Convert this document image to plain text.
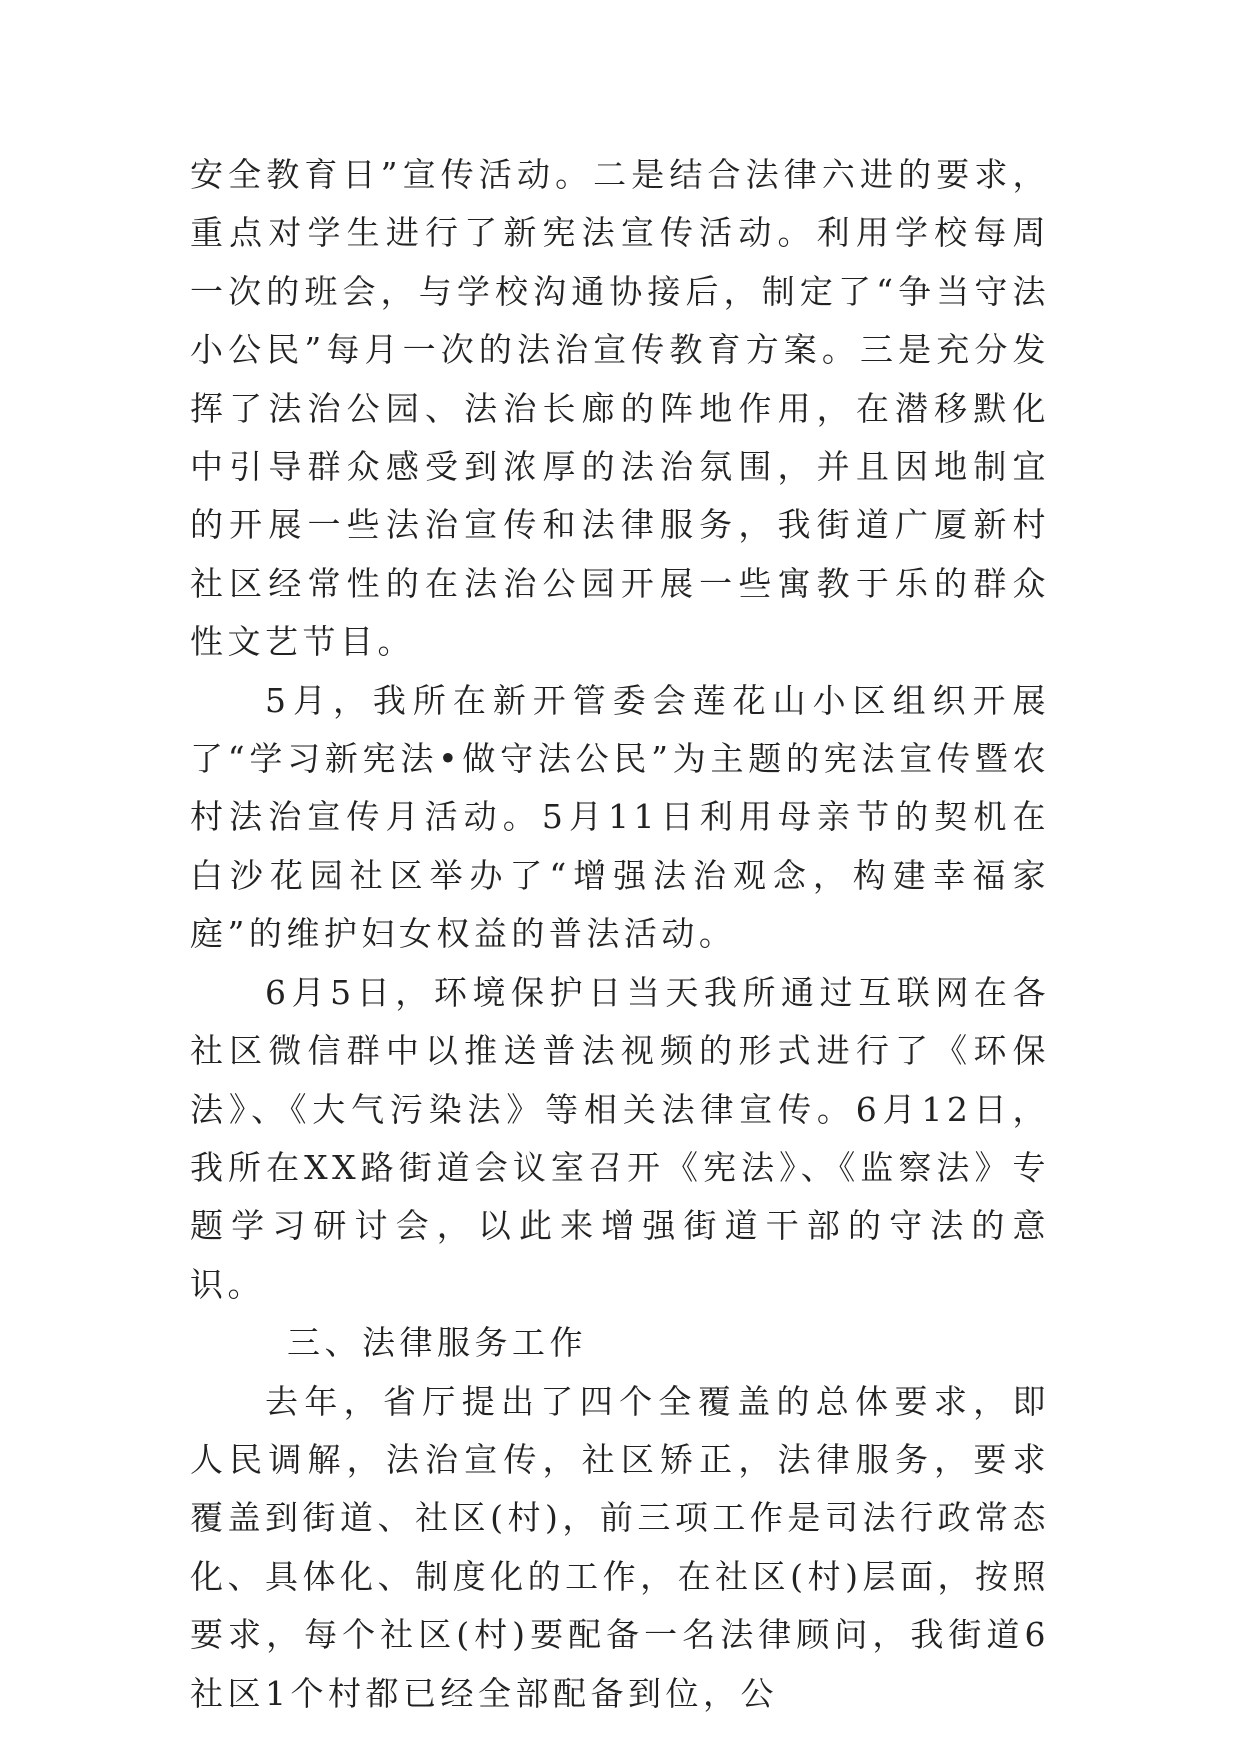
安全教育日”宣传活动。二是结合法律六进的要求，重点对学生进行了新宪法宣传活动。利用学校每周一次的班会，与学校沟通协接后，制定了“争当守法小公民”每月一次的法治宣传教育方案。三是充分发挥了法治公园、法治长廊的阵地作用，在潜移默化中引导群众感受到浓厚的法治氛围，并且因地制宜的开展一些法治宣传和法律服务，我街道广厦新村社区经常性的在法治公园开展一些寓教于乐的群众性文艺节目。

5月，我所在新开管委会莲花山小区组织开展了“学习新宪法•做守法公民”为主题的宪法宣传暨农村法治宣传月活动。5月11日利用母亲节的契机在白沙花园社区举办了“增强法治观念，构建幸福家庭”的维护妇女权益的普法活动。

6月5日，环境保护日当天我所通过互联网在各社区微信群中以推送普法视频的形式进行了《环保法》、《大气污染法》等相关法律宣传。6月12日，我所在XX路街道会议室召开《宪法》、《监察法》专题学习研讨会，以此来增强街道干部的守法的意识。

三、法律服务工作

去年，省厅提出了四个全覆盖的总体要求，即人民调解，法治宣传，社区矫正，法律服务，要求覆盖到街道、社区(村)，前三项工作是司法行政常态化、具体化、制度化的工作，在社区(村)层面，按照要求，每个社区(村)要配备一名法律顾问，我街道6社区1个村都已经全部配备到位，公
